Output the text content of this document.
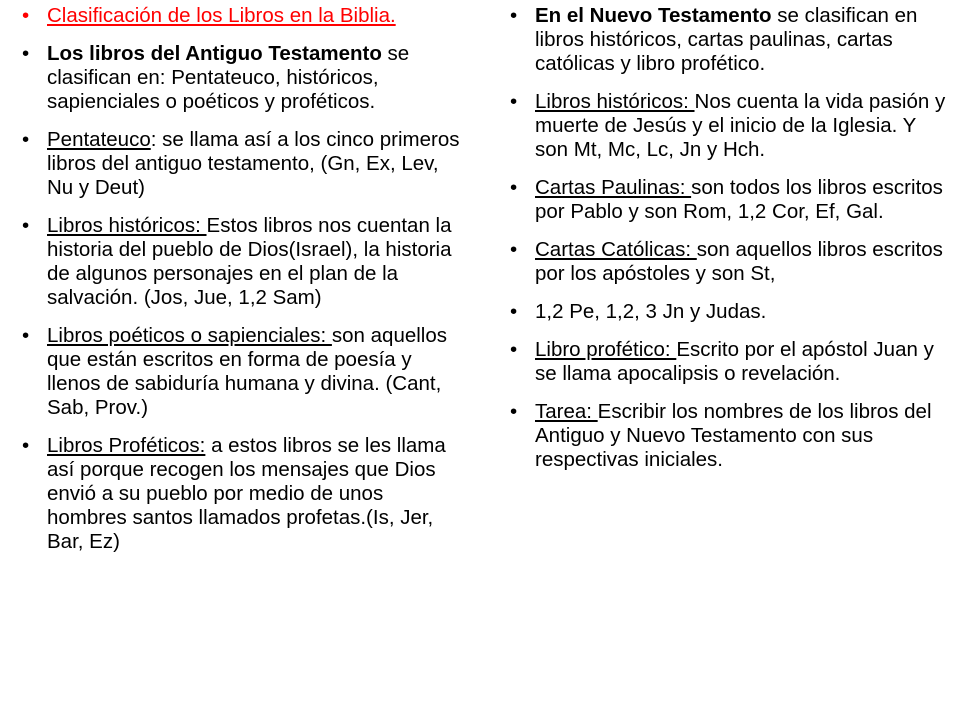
• Clasificación de los Libros en la Biblia.
• Los libros del Antiguo Testamento se clasifican en: Pentateuco, históricos, sapienciales o poéticos y proféticos.
• Pentateuco: se llama así a los cinco primeros libros del antiguo testamento, (Gn, Ex, Lev, Nu y Deut)
• Libros históricos: Estos libros nos cuentan la historia del pueblo de Dios(Israel), la historia de algunos personajes en el plan de la salvación. (Jos, Jue, 1,2 Sam)
• Libros poéticos o sapienciales: son aquellos que están escritos en forma de poesía y llenos de sabiduría humana y divina. (Cant, Sab, Prov.)
• Libros Proféticos: a estos libros se les llama así porque recogen los mensajes que Dios envió a su pueblo por medio de unos hombres santos llamados profetas.(Is, Jer, Bar, Ez)
• En el Nuevo Testamento se clasifican en libros históricos, cartas paulinas, cartas católicas y libro profético.
• Libros históricos: Nos cuenta la vida pasión y muerte de Jesús y el inicio de la Iglesia. Y son Mt, Mc, Lc, Jn y Hch.
• Cartas Paulinas: son todos los libros escritos por Pablo y son Rom, 1,2 Cor, Ef, Gal.
• Cartas Católicas: son aquellos libros escritos por los apóstoles y son St,
• 1,2 Pe, 1,2, 3 Jn y Judas.
• Libro profético: Escrito por el apóstol Juan y se llama apocalipsis o revelación.
• Tarea: Escribir los nombres de los libros del Antiguo y Nuevo Testamento con sus respectivas iniciales.
